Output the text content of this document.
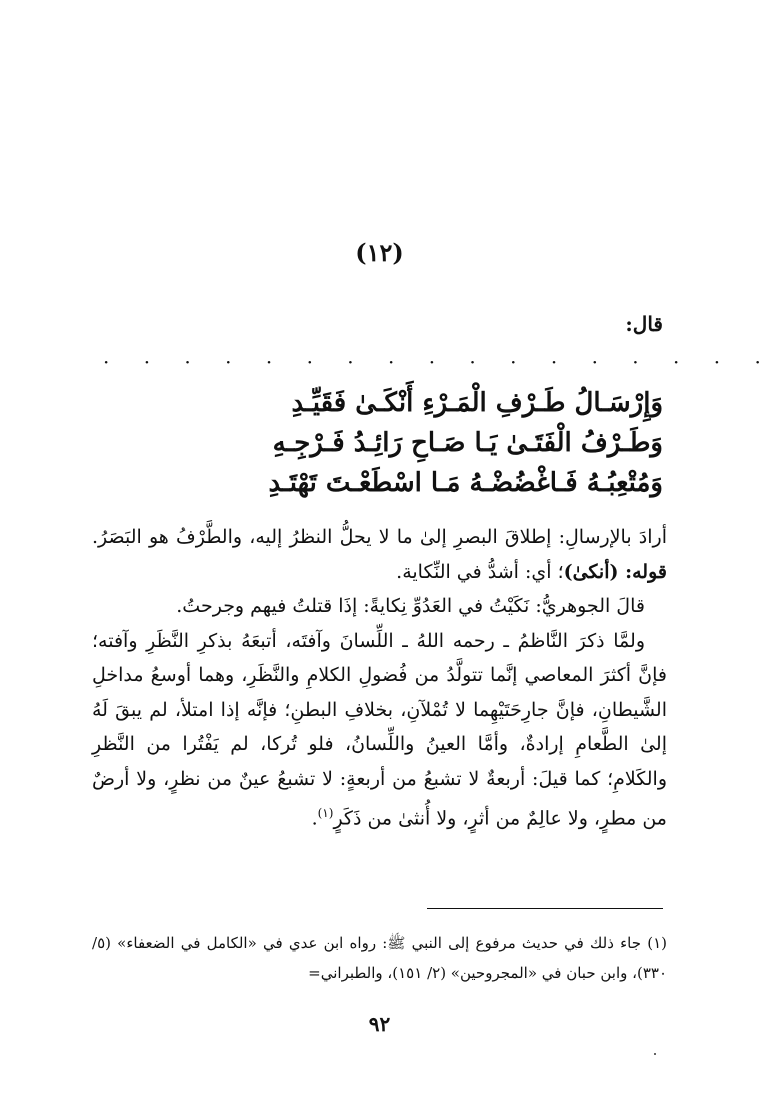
(١٢)
قال:
· · · · · · · · · · · · · · · · ·
وَإِرْسَـالُ طَـرْفِ الْمَـرْءِ أَنْكَـىٰ فَقَيِّـدِ
وَطَـرْفُ الْفَتَـىٰ يَـا صَـاحِ رَائِـدُ فَـرْجِـهِ
وَمُتْعِبُـهُ فَـاغْضُضْـهُ مَـا اسْطَعْـتَ تَهْتَـدِ

أرادَ بالإرسالِ: إطلاقَ البصرِ إلىٰ ما لا يحلُّ النظرُ إليه، والطَّرْفُ هو البَصَرُ. قوله: (أنكىٰ)؛ أي: أشدُّ في النِّكاية.

قالَ الجوهريُّ: نَكَيْتُ في العَدُوِّ نِكايةً: إذَا قتلتُ فيهم وجرحتُ.

ولمَّا ذكرَ النَّاظمُ ـ رحمه اللهُ ـ اللِّسانَ وآفتَه، أتبعَهُ بذكرِ النَّظَرِ وآفته؛ فإنَّ أكثرَ المعاصي إنَّما تتولَّدُ من فُضولِ الكلامِ والنَّظَرِ، وهما أوسعُ مداخلِ الشَّيطانِ، فإنَّ جارِحَتَيْهِما لا تُمْلآنِ، بخلافِ البطنِ؛ فإنَّه إذا امتلأ، لم يبقَ لَهُ إلىٰ الطَّعامِ إرادةٌ، وأمَّا العينُ واللِّسانُ، فلو تُركا، لم يَفْتُرا من النَّظرِ والكَلامِ؛ كما قيلَ: أربعةٌ لا تشبعُ من أربعةٍ: لا تشبعُ عينٌ من نظرٍ، ولا أرضٌ من مطرٍ، ولا عالِمٌ من أثرٍ، ولا أُنثىٰ من ذَكَرٍ$^{(١)}$.

(١) جاء ذلك في حديث مرفوع إلى النبي ﷺ: رواه ابن عدي في «الكامل في الضعفاء» (٥/ ٣٣٠)، وابن حبان في «المجروحين» (٢/ ١٥١)، والطبراني=
٩٢
